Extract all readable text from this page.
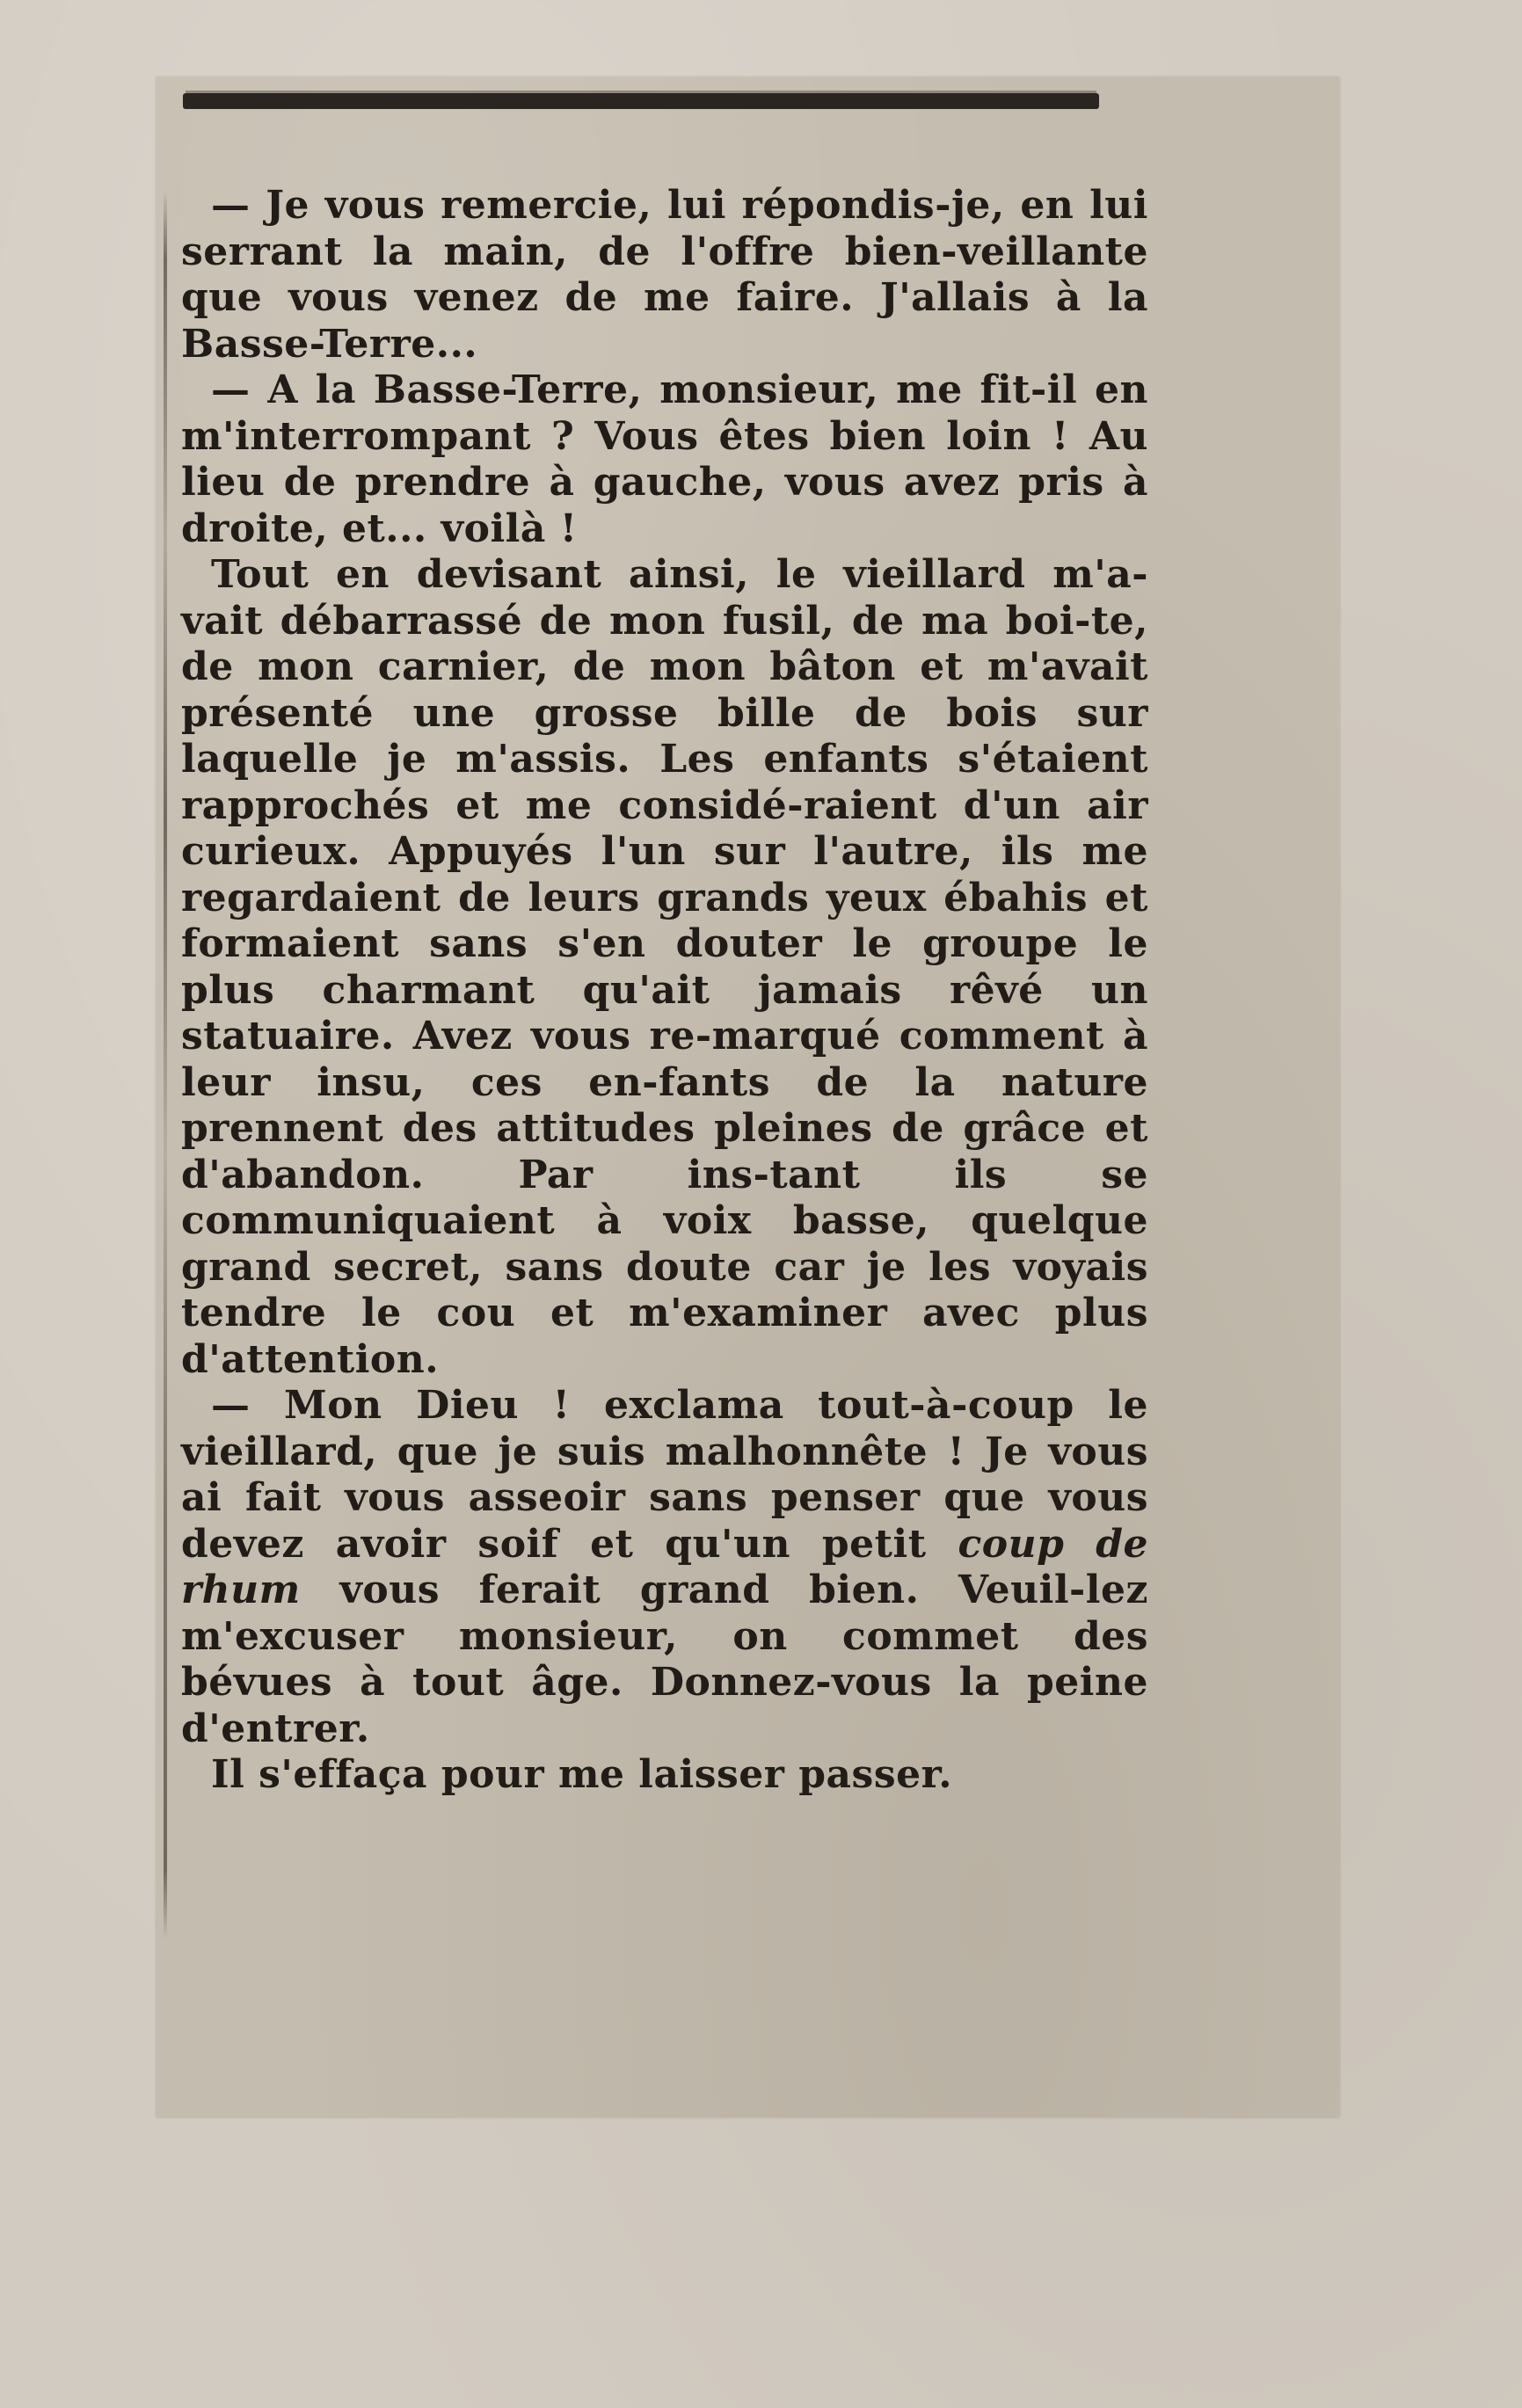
— Je vous remercie, lui répondis-je, en lui serrant la main, de l'offre bien-veillante que vous venez de me faire. J'allais à la Basse-Terre...

— A la Basse-Terre, monsieur, me fit-il en m'interrompant ? Vous êtes bien loin ! Au lieu de prendre à gauche, vous avez pris à droite, et... voilà !

Tout en devisant ainsi, le vieillard m'a-vait débarrassé de mon fusil, de ma boi-te, de mon carnier, de mon bâton et m'avait présenté une grosse bille de bois sur laquelle je m'assis. Les enfants s'étaient rapprochés et me considé-raient d'un air curieux. Appuyés l'un sur l'autre, ils me regardaient de leurs grands yeux ébahis et formaient sans s'en douter le groupe le plus charmant qu'ait jamais rêvé un statuaire. Avez vous re-marqué comment à leur insu, ces en-fants de la nature prennent des attitudes pleines de grâce et d'abandon. Par ins-tant ils se communiquaient à voix basse, quelque grand secret, sans doute car je les voyais tendre le cou et m'examiner avec plus d'attention.

— Mon Dieu ! exclama tout-à-coup le vieillard, que je suis malhonnête ! Je vous ai fait vous asseoir sans penser que vous devez avoir soif et qu'un petit coup de rhum vous ferait grand bien. Veuil-lez m'excuser monsieur, on commet des bévues à tout âge. Donnez-vous la peine d'entrer.

Il s'effaça pour me laisser passer.
